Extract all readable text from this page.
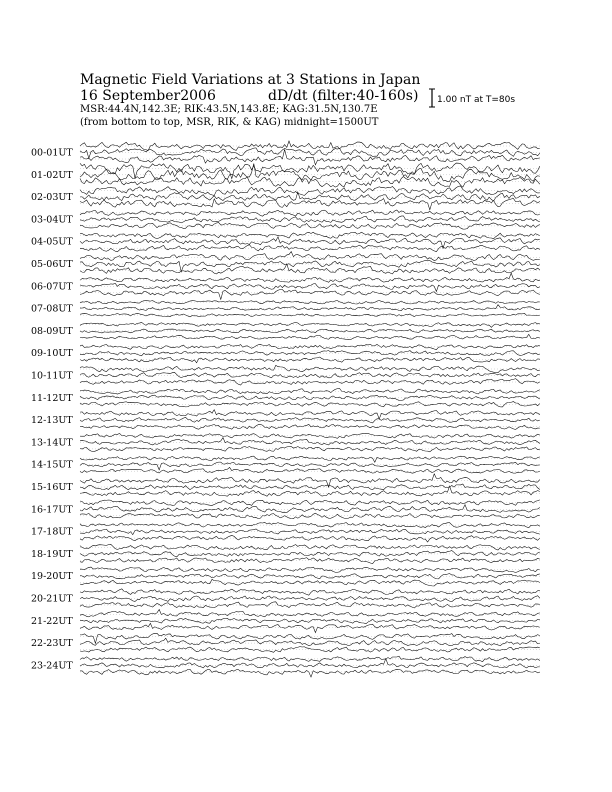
Magnetic Field Variations at 3 Stations in Japan
16 September2006	dD/dt (filter:40-160s)
MSR:44.4N,142.3E; RIK:43.5N,143.8E; KAG:31.5N,130.7E
(from bottom to top, MSR, RIK, & KAG) midnight=1500UT
1.00 nT at T=80s
00-01UT
01-02UT
02-03UT
03-04UT
04-05UT
05-06UT
06-07UT
07-08UT
08-09UT
09-10UT
10-11UT
11-12UT
12-13UT
13-14UT
14-15UT
15-16UT
16-17UT
17-18UT
18-19UT
19-20UT
20-21UT
21-22UT
22-23UT
23-24UT
